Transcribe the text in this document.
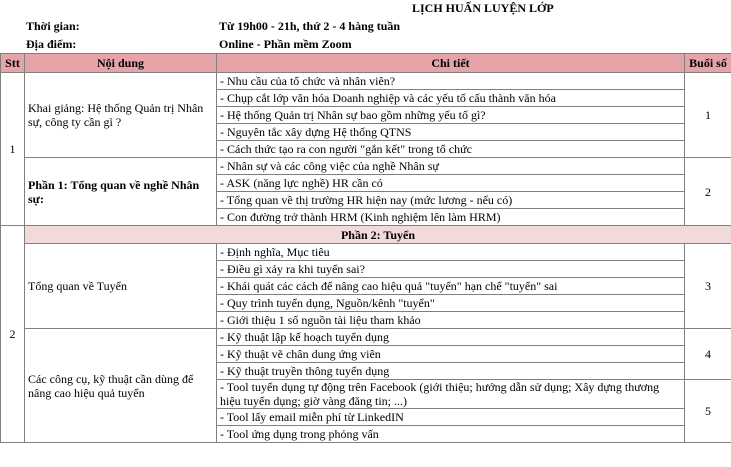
LỊCH HUẤN LUYỆN LỚP
Thời gian:	Từ 19h00 - 21h, thứ 2 - 4 hàng tuần
Địa điểm:	Online - Phần mềm Zoom
Stt	Nội dung	Chi tiết	Buổi số
1	Khai giảng: Hệ thống Quản trị Nhân sự, công ty cần gì ?	- Nhu cầu của tổ chức và nhân viên?	1
		- Chụp cắt lớp văn hóa Doanh nghiệp và các yếu tố cấu thành văn hóa	
		- Hệ thống Quản trị Nhân sự bao gồm những yếu tố gì?	
		- Nguyên tắc xây dựng Hệ thống QTNS	
		- Cách thức tạo ra con người "gắn kết" trong tổ chức	
	Phần 1: Tổng quan về nghề Nhân sự:	- Nhân sự và các công việc của nghề Nhân sự	2
		- ASK (năng lực nghề) HR cần có	
		- Tổng quan về thị trường HR hiện nay (mức lương - nếu có)	
		- Con đường trở thành HRM (Kinh nghiệm lên làm HRM)	
2	Phần 2: Tuyển		
	Tổng quan về Tuyển	- Định nghĩa, Mục tiêu	3
		- Điều gì xảy ra khi tuyển sai?	
		- Khái quát các cách để nâng cao hiệu quả "tuyển" hạn chế "tuyển" sai	
		- Quy trình tuyển dụng, Nguồn/kênh "tuyển"	
		- Giới thiệu 1 số nguồn tài liệu tham khảo	
	Các công cụ, kỹ thuật cần dùng để nâng cao hiệu quả tuyển	- Kỹ thuật lập kế hoạch tuyển dụng	4
		- Kỹ thuật vẽ chân dung ứng viên	
		- Kỹ thuật truyền thông tuyển dụng	
		- Tool tuyển dụng tự động trên Facebook (giới thiệu; hướng dẫn sử dụng; Xây dựng thương hiệu tuyển dụng; giờ vàng đăng tin; ...)	5
		- Tool lấy email miễn phí từ LinkedIN	
		- Tool ứng dụng trong phỏng vấn	
